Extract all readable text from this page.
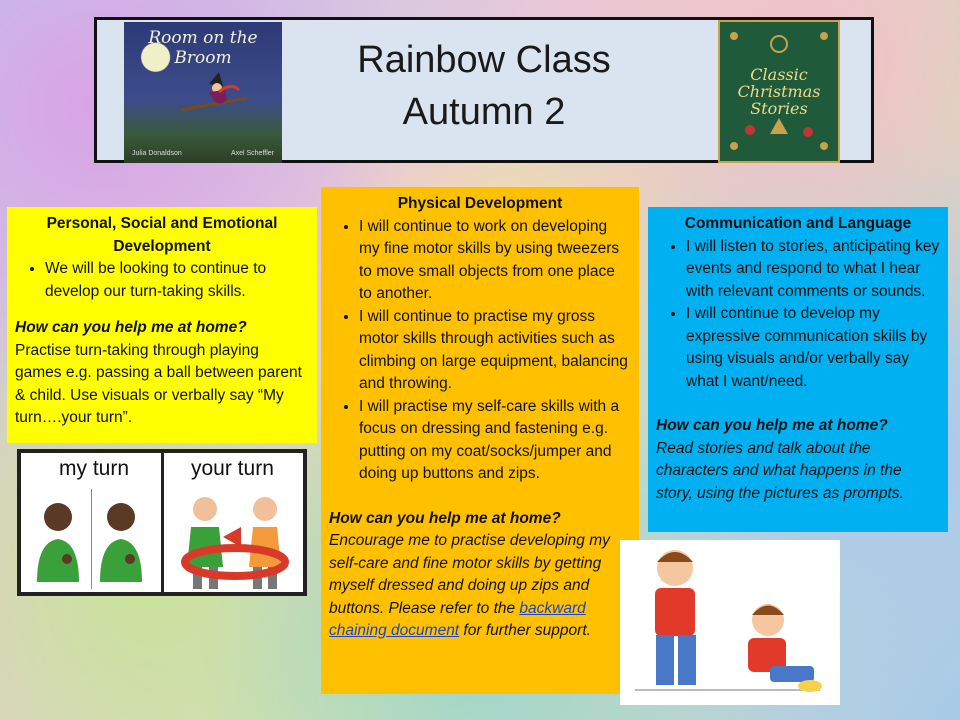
Room on the Broom
Julia Donaldson	Axel Scheffler
Rainbow Class
Autumn 2
Classic Christmas Stories
Personal, Social and Emotional Development
• We will be looking to continue to develop our turn-taking skills.
How can you help me at home?
Practise turn-taking through playing games e.g. passing a ball between parent & child. Use visuals or verbally say “My turn….your turn”.
Physical Development
• I will continue to work on developing my fine motor skills by using tweezers to move small objects from one place to another.
• I will continue to practise my gross motor skills through activities such as climbing on large equipment, balancing and throwing.
• I will practise my self-care skills with a focus on dressing and fastening e.g. putting on my coat/socks/jumper and doing up buttons and zips.
How can you help me at home?
Encourage me to practise developing my self-care and fine motor skills by getting myself dressed and doing up zips and buttons. Please refer to the backward chaining document for further support.
Communication and Language
• I will listen to stories, anticipating key events and respond to what I hear with relevant comments or sounds.
• I will continue to develop my expressive communication skills by using visuals and/or verbally say what I want/need.
How can you help me at home?
Read stories and talk about the characters and what happens in the story, using the pictures as prompts.
my turn	your turn
